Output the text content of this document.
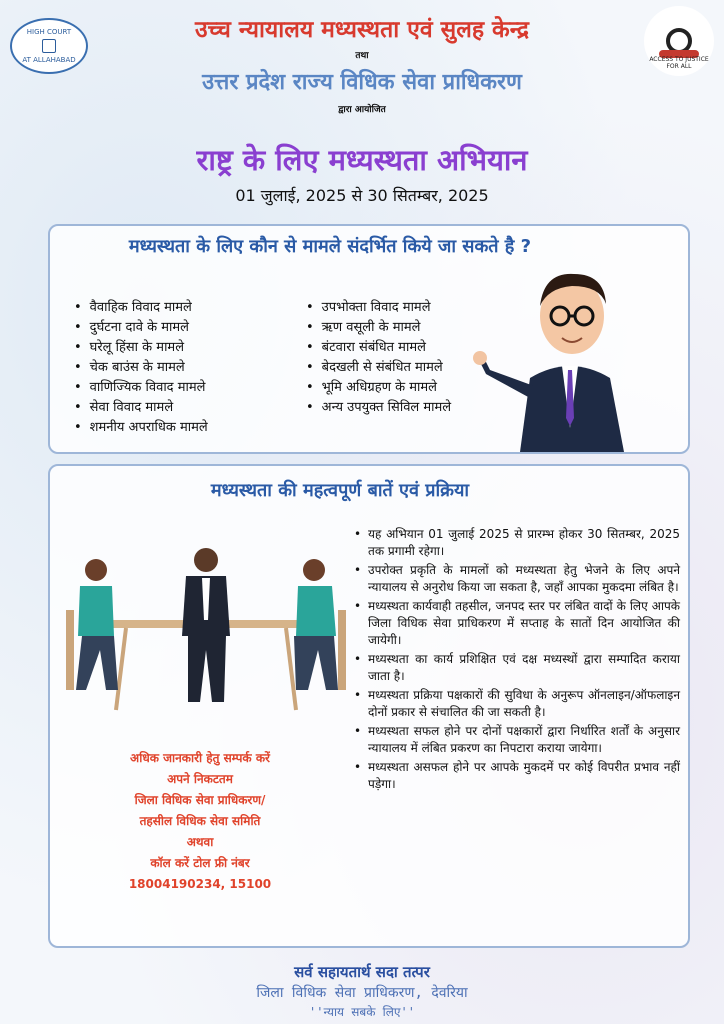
HIGH COURT
AT ALLAHABAD	ACCESS TO JUSTICE FOR ALL
उच्च न्यायालय मध्यस्थता एवं सुलह केन्द्र
तथा
उत्तर प्रदेश राज्य विधिक सेवा प्राधिकरण
द्वारा आयोजित
राष्ट्र के लिए मध्यस्थता अभियान
01 जुलाई, 2025 से 30 सितम्बर, 2025
मध्यस्थता के लिए कौन से मामले संदर्भित किये जा सकते है ?
• वैवाहिक विवाद मामले
• दुर्घटना दावे के मामले
• घरेलू हिंसा के मामले
• चेक बाउंस के मामले
• वाणिज्यिक विवाद मामले
• सेवा विवाद मामले
• शमनीय अपराधिक मामले
• उपभोक्ता विवाद मामले
• ऋण वसूली के मामले
• बंटवारा संबंधित मामले
• बेदखली से संबंधित मामले
• भूमि अधिग्रहण के मामले
• अन्य उपयुक्त सिविल मामले
मध्यस्थता की महत्वपूर्ण बातें एवं प्रक्रिया
अधिक जानकारी हेतु सम्पर्क करें
अपने निकटतम
जिला विधिक सेवा प्राधिकरण/
तहसील विधिक सेवा समिति
अथवा
कॉल करें टोल फ्री नंबर
18004190234, 15100
• यह अभियान 01 जुलाई 2025 से प्रारम्भ होकर 30 सितम्बर, 2025 तक प्रगामी रहेगा।
• उपरोक्त प्रकृति के मामलों को मध्यस्थता हेतु भेजने के लिए अपने न्यायालय से अनुरोध किया जा सकता है, जहाँ आपका मुकदमा लंबित है।
• मध्यस्थता कार्यवाही तहसील, जनपद स्तर पर लंबित वादों के लिए आपके जिला विधिक सेवा प्राधिकरण में सप्ताह के सातों दिन आयोजित की जायेगी।
• मध्यस्थता का कार्य प्रशिक्षित एवं दक्ष मध्यस्थों द्वारा सम्पादित कराया जाता है।
• मध्यस्थता प्रक्रिया पक्षकारों की सुविधा के अनुरूप ऑनलाइन/ऑफलाइन दोनों प्रकार से संचालित की जा सकती है।
• मध्यस्थता सफल होने पर दोनों पक्षकारों द्वारा निर्धारित शर्तों के अनुसार न्यायालय में लंबित प्रकरण का निपटारा कराया जायेगा।
• मध्यस्थता असफल होने पर आपके मुकदमें पर कोई विपरीत प्रभाव नहीं पड़ेगा।
सर्व सहायतार्थ सदा तत्पर
जिला विधिक सेवा प्राधिकरण, देवरिया
''न्याय सबके लिए''
